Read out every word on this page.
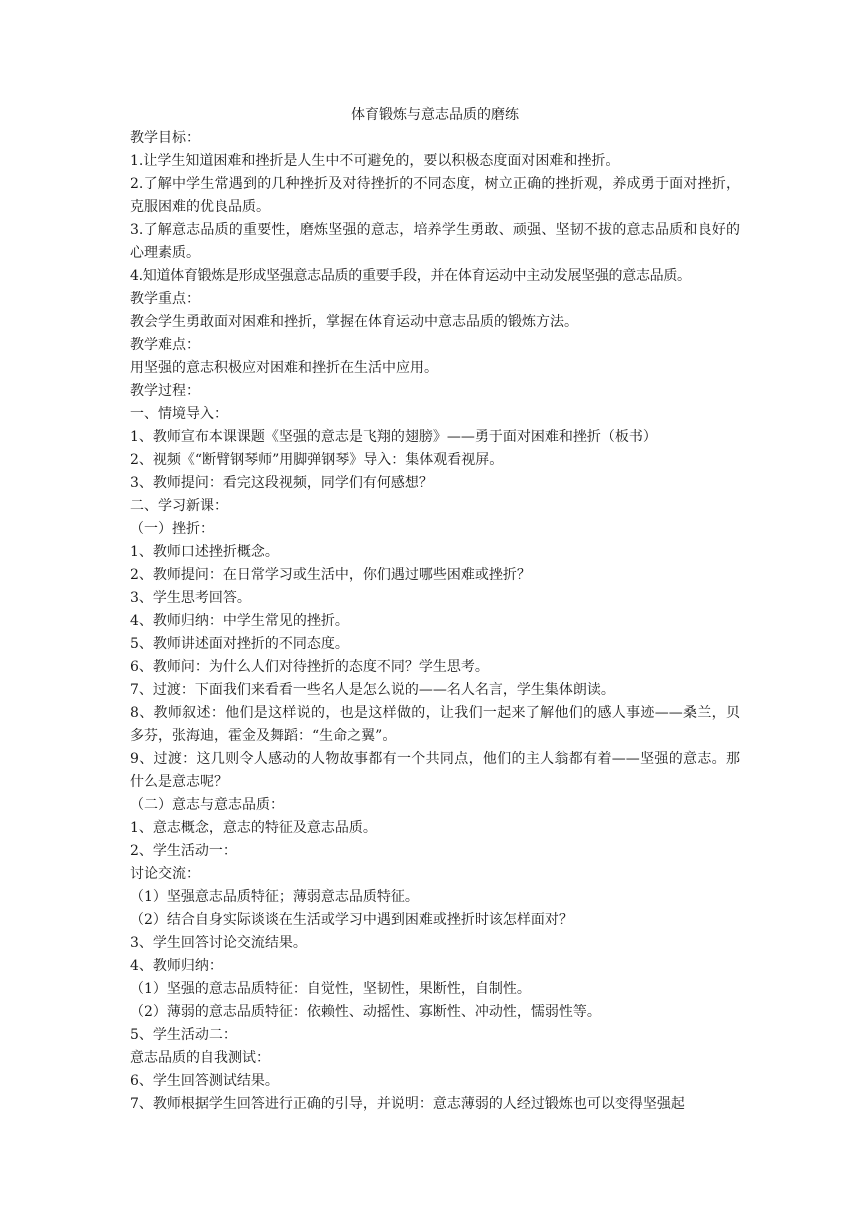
体育锻炼与意志品质的磨练

教学目标：

1.让学生知道困难和挫折是人生中不可避免的，要以积极态度面对困难和挫折。

2.了解中学生常遇到的几种挫折及对待挫折的不同态度，树立正确的挫折观，养成勇于面对挫折，克服困难的优良品质。

3.了解意志品质的重要性，磨炼坚强的意志，培养学生勇敢、顽强、坚韧不拔的意志品质和良好的心理素质。

4.知道体育锻炼是形成坚强意志品质的重要手段，并在体育运动中主动发展坚强的意志品质。

教学重点：

教会学生勇敢面对困难和挫折，掌握在体育运动中意志品质的锻炼方法。

教学难点：

用坚强的意志积极应对困难和挫折在生活中应用。

教学过程：

一、情境导入：

1、教师宣布本课课题《坚强的意志是飞翔的翅膀》——勇于面对困难和挫折（板书）

2、视频《“断臂钢琴师”用脚弹钢琴》导入：集体观看视屏。

3、教师提问：看完这段视频，同学们有何感想？

二、学习新课：

（一）挫折：

1、教师口述挫折概念。

2、教师提问：在日常学习或生活中，你们遇过哪些困难或挫折？

3、学生思考回答。

4、教师归纳：中学生常见的挫折。

5、教师讲述面对挫折的不同态度。

6、教师问：为什么人们对待挫折的态度不同？学生思考。

7、过渡：下面我们来看看一些名人是怎么说的——名人名言，学生集体朗读。

8、教师叙述：他们是这样说的，也是这样做的，让我们一起来了解他们的感人事迹——桑兰，贝多芬，张海迪，霍金及舞蹈：“生命之翼”。

9、过渡：这几则令人感动的人物故事都有一个共同点，他们的主人翁都有着——坚强的意志。那什么是意志呢？

（二）意志与意志品质：

1、意志概念，意志的特征及意志品质。

2、学生活动一：

讨论交流：

（1）坚强意志品质特征；薄弱意志品质特征。

（2）结合自身实际谈谈在生活或学习中遇到困难或挫折时该怎样面对？

3、学生回答讨论交流结果。

4、教师归纳：

（1）坚强的意志品质特征：自觉性，坚韧性，果断性，自制性。

（2）薄弱的意志品质特征：依赖性、动摇性、寡断性、冲动性，懦弱性等。

5、学生活动二：

意志品质的自我测试：

6、学生回答测试结果。

7、教师根据学生回答进行正确的引导，并说明：意志薄弱的人经过锻炼也可以变得坚强起
